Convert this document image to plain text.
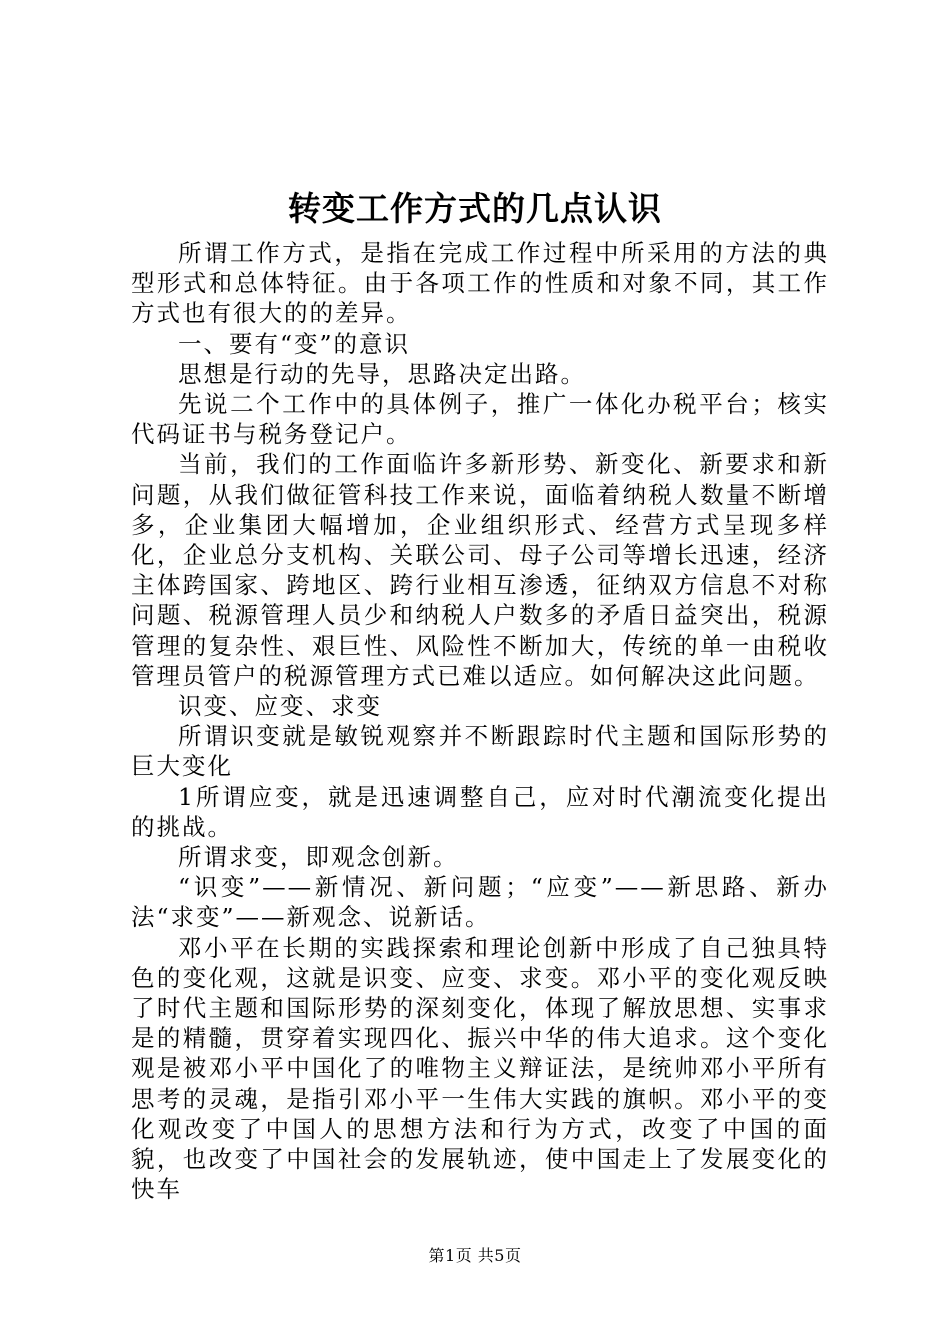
转变工作方式的几点认识

所谓工作方式，是指在完成工作过程中所采用的方法的典型形式和总体特征。由于各项工作的性质和对象不同，其工作方式也有很大的的差异。

一、要有“变”的意识

思想是行动的先导，思路决定出路。

先说二个工作中的具体例子，推广一体化办税平台；核实代码证书与税务登记户。

当前，我们的工作面临许多新形势、新变化、新要求和新问题，从我们做征管科技工作来说，面临着纳税人数量不断增多，企业集团大幅增加，企业组织形式、经营方式呈现多样化，企业总分支机构、关联公司、母子公司等增长迅速，经济主体跨国家、跨地区、跨行业相互渗透，征纳双方信息不对称问题、税源管理人员少和纳税人户数多的矛盾日益突出，税源管理的复杂性、艰巨性、风险性不断加大，传统的单一由税收管理员管户的税源管理方式已难以适应。如何解决这此问题。

识变、应变、求变

所谓识变就是敏锐观察并不断跟踪时代主题和国际形势的巨大变化

1所谓应变，就是迅速调整自己，应对时代潮流变化提出的挑战。

所谓求变，即观念创新。

“识变”——新情况、新问题；“应变”——新思路、新办法“求变”——新观念、说新话。

邓小平在长期的实践探索和理论创新中形成了自己独具特色的变化观，这就是识变、应变、求变。邓小平的变化观反映了时代主题和国际形势的深刻变化，体现了解放思想、实事求是的精髓，贯穿着实现四化、振兴中华的伟大追求。这个变化观是被邓小平中国化了的唯物主义辩证法，是统帅邓小平所有思考的灵魂，是指引邓小平一生伟大实践的旗帜。邓小平的变化观改变了中国人的思想方法和行为方式，改变了中国的面貌，也改变了中国社会的发展轨迹，使中国走上了发展变化的快车

第1页 共5页
